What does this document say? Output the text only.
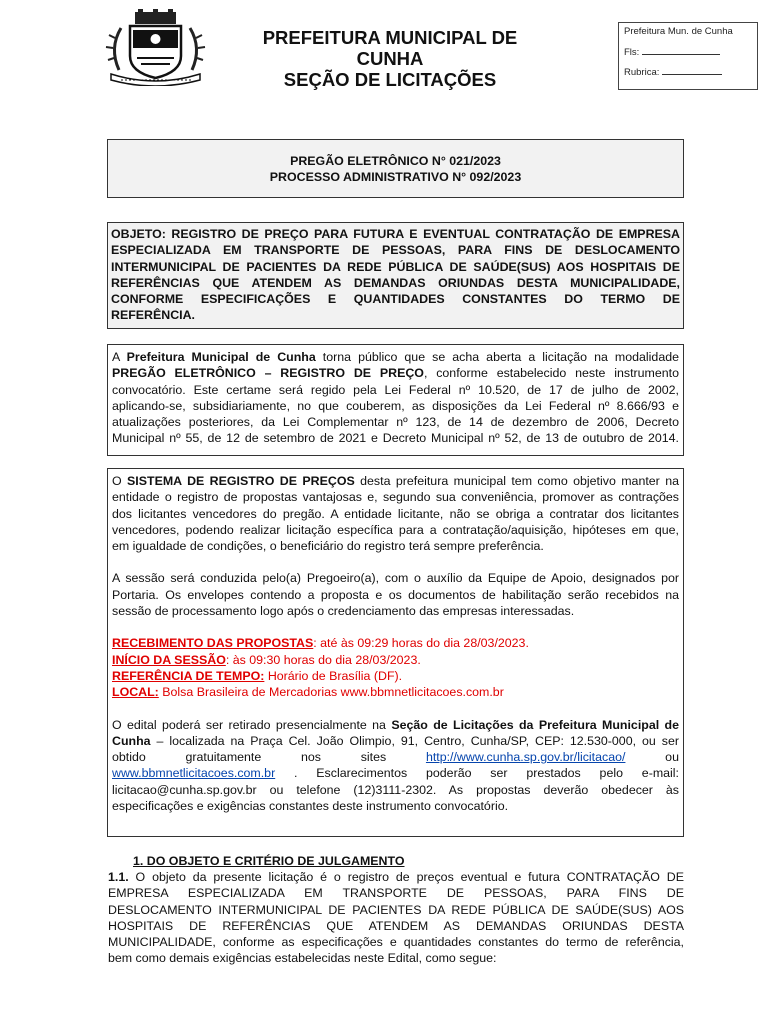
PREFEITURA MUNICIPAL DE
CUNHA
SEÇÃO DE LICITAÇÕES
Prefeitura Mun. de Cunha
Fls:
Rubrica:
PREGÃO ELETRÔNICO N° 021/2023
PROCESSO ADMINISTRATIVO N° 092/2023
OBJETO: REGISTRO DE PREÇO PARA FUTURA E EVENTUAL CONTRATAÇÃO DE EMPRESA
ESPECIALIZADA EM TRANSPORTE DE PESSOAS, PARA FINS DE DESLOCAMENTO
INTERMUNICIPAL DE PACIENTES DA REDE PÚBLICA DE SAÚDE(SUS) AOS HOSPITAIS DE
REFERÊNCIAS QUE ATENDEM AS DEMANDAS ORIUNDAS DESTA MUNICIPALIDADE,
CONFORME ESPECIFICAÇÕES E QUANTIDADES CONSTANTES DO TERMO DE
REFERÊNCIA.
A Prefeitura Municipal de Cunha torna público que se acha aberta a licitação na modalidade
PREGÃO ELETRÔNICO – REGISTRO DE PREÇO, conforme estabelecido neste instrumento
convocatório. Este certame será regido pela Lei Federal nº 10.520, de 17 de julho de 2002,
aplicando-se, subsidiariamente, no que couberem, as disposições da Lei Federal nº 8.666/93 e
atualizações posteriores, da Lei Complementar nº 123, de 14 de dezembro de 2006, Decreto
Municipal nº 55, de 12 de setembro de 2021 e Decreto Municipal nº 52, de 13 de outubro de 2014.
O SISTEMA DE REGISTRO DE PREÇOS desta prefeitura municipal tem como objetivo manter na
entidade o registro de propostas vantajosas e, segundo sua conveniência, promover as contrações
dos licitantes vencedores do pregão. A entidade licitante, não se obriga a contratar dos licitantes
vencedores, podendo realizar licitação específica para a contratação/aquisição, hipóteses em que,
em igualdade de condições, o beneficiário do registro terá sempre preferência.
A sessão será conduzida pelo(a) Pregoeiro(a), com o auxílio da Equipe de Apoio, designados por
Portaria. Os envelopes contendo a proposta e os documentos de habilitação serão recebidos na
sessão de processamento logo após o credenciamento das empresas interessadas.
RECEBIMENTO DAS PROPOSTAS: até às 09:29 horas do dia 28/03/2023.
INÍCIO DA SESSÃO: às 09:30 horas do dia 28/03/2023.
REFERÊNCIA DE TEMPO: Horário de Brasília (DF).
LOCAL: Bolsa Brasileira de Mercadorias www.bbmnetlicitacoes.com.br
O edital poderá ser retirado presencialmente na Seção de Licitações da Prefeitura Municipal de
Cunha – localizada na Praça Cel. João Olimpio, 91, Centro, Cunha/SP, CEP: 12.530-000, ou ser
obtido	gratuitamente	nos	sites	http://www.cunha.sp.gov.br/licitacao/	ou
www.bbmnetlicitacoes.com.br . Esclarecimentos poderão ser prestados pelo e-mail:
licitacao@cunha.sp.gov.br ou telefone (12)3111-2302. As propostas deverão obedecer às
especificações e exigências constantes deste instrumento convocatório.
1. DO OBJETO E CRITÉRIO DE JULGAMENTO
1.1. O objeto da presente licitação é o registro de preços eventual e futura CONTRATAÇÃO DE
EMPRESA ESPECIALIZADA EM TRANSPORTE DE PESSOAS, PARA FINS DE
DESLOCAMENTO INTERMUNICIPAL DE PACIENTES DA REDE PÚBLICA DE SAÚDE(SUS) AOS
HOSPITAIS DE REFERÊNCIAS QUE ATENDEM AS DEMANDAS ORIUNDAS DESTA
MUNICIPALIDADE, conforme as especificações e quantidades constantes do termo de referência,
bem como demais exigências estabelecidas neste Edital, como segue:
